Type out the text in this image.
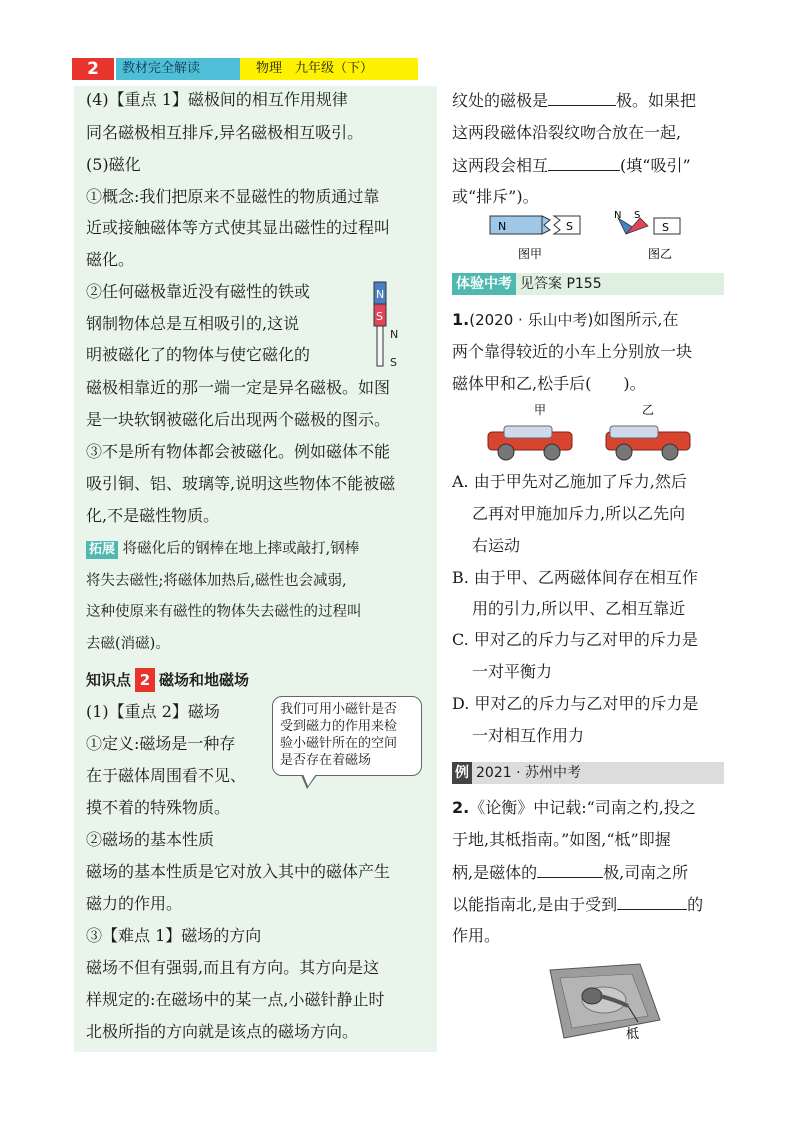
2	教材完全解读	物理　九年级（下）
(4)【重点 1】磁极间的相互作用规律
同名磁极相互排斥,异名磁极相互吸引。
(5)磁化
①概念:我们把原来不显磁性的物质通过靠
近或接触磁体等方式使其显出磁性的过程叫
磁化。
②任何磁极靠近没有磁性的铁或
钢制物体总是互相吸引的,这说
明被磁化了的物体与使它磁化的
磁极相靠近的那一端一定是异名磁极。如图
是一块软钢被磁化后出现两个磁极的图示。
③不是所有物体都会被磁化。例如磁体不能
吸引铜、铝、玻璃等,说明这些物体不能被磁
化,不是磁性物质。
N
S
N
S
拓展 将磁化后的钢棒在地上摔或敲打,钢棒
将失去磁性;将磁体加热后,磁性也会减弱,
这种使原来有磁性的物体失去磁性的过程叫
去磁(消磁)。
知识点 2 磁场和地磁场
(1)【重点 2】磁场
①定义:磁场是一种存
在于磁体周围看不见、
摸不着的特殊物质。
②磁场的基本性质
磁场的基本性质是它对放入其中的磁体产生
磁力的作用。
③【难点 1】磁场的方向
磁场不但有强弱,而且有方向。其方向是这
样规定的:在磁场中的某一点,小磁针静止时
北极所指的方向就是该点的磁场方向。
我们可用小磁针是否
受到磁力的作用来检
验小磁针所在的空间
是否存在着磁场
纹处的磁极是	极。如果把
这两段磁体沿裂纹吻合放在一起,
这两段会相互	(填“吸引”
或“排斥”)。
N	S
图甲
N S
S
图乙
体验中考 见答案 P155
1.(2020 · 乐山中考)如图所示,在
两个靠得较近的小车上分别放一块
磁体甲和乙,松手后(　　)。
甲	乙
A. 由于甲先对乙施加了斥力,然后
乙再对甲施加斥力,所以乙先向
右运动
B. 由于甲、乙两磁体间存在相互作
用的引力,所以甲、乙相互靠近
C. 甲对乙的斥力与乙对甲的斥力是
一对平衡力
D. 甲对乙的斥力与乙对甲的斥力是
一对相互作用力
例 2021 · 苏州中考
2.《论衡》中记载:“司南之杓,投之
于地,其柢指南。”如图,“柢”即握
柄,是磁体的	极,司南之所
以能指南北,是由于受到	的
作用。
柢
